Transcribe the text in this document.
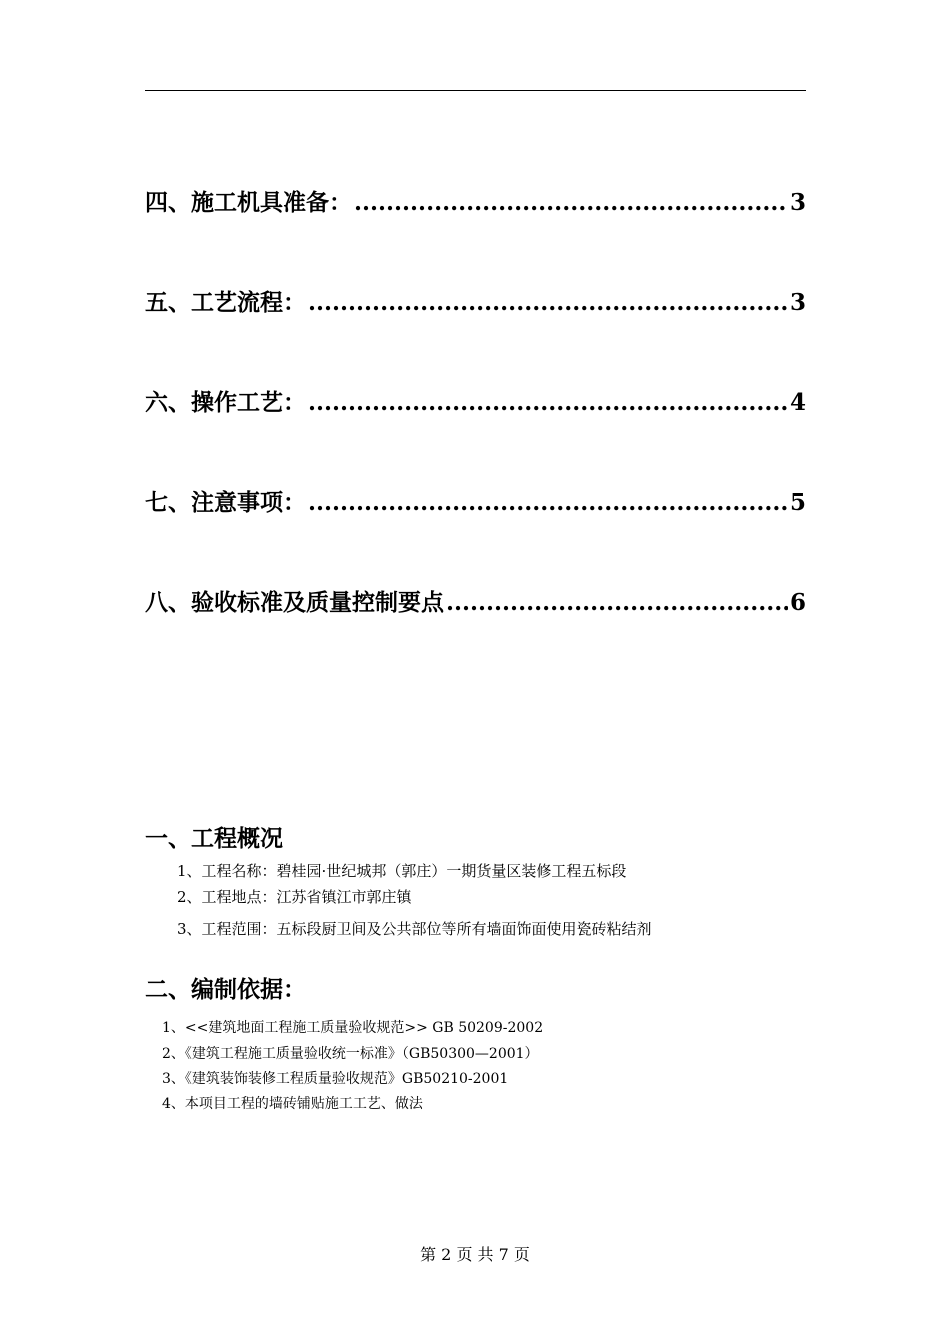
四、施工机具准备： .....	3
五、工艺流程： .....	3
六、操作工艺： .....	4
七、注意事项： .....	5
八、验收标准及质量控制要点 .....	6
一、工程概况
1、工程名称：碧桂园·世纪城邦（郭庄）一期货量区装修工程五标段
2、工程地点：江苏省镇江市郭庄镇
3、工程范围：五标段厨卫间及公共部位等所有墙面饰面使用瓷砖粘结剂
二、编制依据：
1、<<建筑地面工程施工质量验收规范>> GB 50209-2002
2、《建筑工程施工质量验收统一标准》（GB50300—2001）
3、《建筑装饰装修工程质量验收规范》GB50210-2001
4、本项目工程的墙砖铺贴施工工艺、做法
第 2 页 共 7 页
